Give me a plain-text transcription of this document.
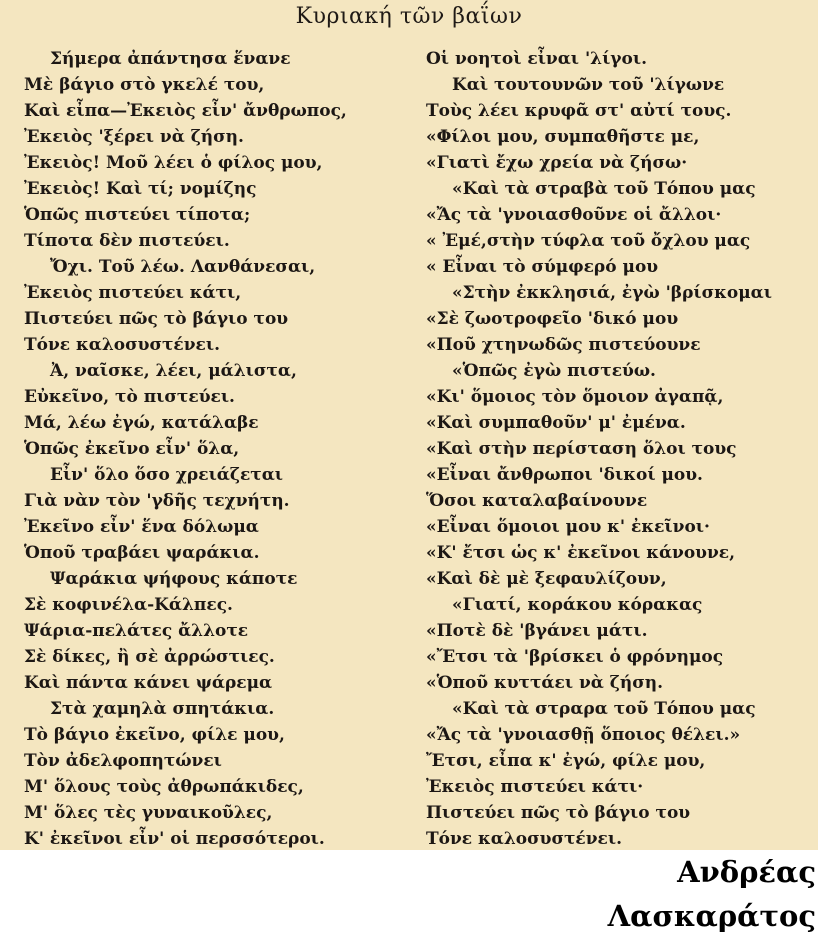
Κυριακή τῶν βαΐων
Σήμερα ἀπάντησα ἕνανε
Μὲ βάγιο στὸ γκελέ του,
Καὶ εἶπα—Ἐκειὸς εἶν' ἄνθρωπος,
Ἐκειὸς 'ξέρει νὰ ζήση.
Ἐκειὸς! Μοῦ λέει ὁ φίλος μου,
Ἐκειὸς! Καὶ τί; νομίζης
Ὁπῶς πιστεύει τίποτα;
Τίποτα δὲν πιστεύει.
Ὄχι. Τοῦ λέω. Λανθάνεσαι,
Ἐκειὸς πιστεύει κάτι,
Πιστεύει πῶς τὸ βάγιο του
Τόνε καλοσυστένει.
Ἀ, ναῖσκε, λέει, μάλιστα,
Εὐκεῖνο, τὸ πιστεύει.
Μά, λέω ἐγώ, κατάλαβε
Ὁπῶς ἐκεῖνο εἶν' ὅλα,
Εἶν' ὅλο ὅσο χρειάζεται
Γιὰ νὰν τὸν 'γδῆς τεχνήτη.
Ἐκεῖνο εἶν' ἕνα δόλωμα
Ὁποῦ τραβάει ψαράκια.
Ψαράκια ψήφους κάποτε
Σὲ κοφινέλα-Κάλπες.
Ψάρια-πελάτες ἄλλοτε
Σὲ δίκες, ἢ σὲ ἀρρώστιες.
Καὶ πάντα κάνει ψάρεμα
Στὰ χαμηλὰ σπητάκια.
Τὸ βάγιο ἐκεῖνο, φίλε μου,
Τὸν ἀδελφοπητώνει
Μ' ὅλους τοὺς ἀθρωπάκιδες,
Μ' ὅλες τὲς γυναικοῦλες,
Κ' ἐκεῖνοι εἶν' οἱ περσσότεροι.
Οἱ νοητοὶ εἶναι 'λίγοι.
Καὶ τουτουνῶν τοῦ 'λίγωνε
Τοὺς λέει κρυφᾶ στ' αὐτί τους.
«Φίλοι μου, συμπαθῆστε με,
«Γιατὶ ἔχω χρεία νὰ ζήσω·
«Καὶ τὰ στραβὰ τοῦ Τόπου μας
«Ἄς τὰ 'γνοιασθοῦνε οἱ ἄλλοι·
« Ἐμέ,στὴν τύφλα τοῦ ὄχλου μας
« Εἶναι τὸ σύμφερό μου
«Στὴν ἐκκλησιά, ἐγὼ 'βρίσκομαι
«Σὲ ζωοτροφεῖο 'δικό μου
«Ποῦ χτηνωδῶς πιστεύουνε
«Ὁπῶς ἐγὼ πιστεύω.
«Κι' ὅμοιος τὸν ὅμοιον ἀγαπᾷ,
«Καὶ συμπαθοῦν' μ' ἐμένα.
«Καὶ στὴν περίσταση ὅλοι τους
«Εἶναι ἄνθρωποι 'δικοί μου.
Ὅσοι καταλαβαίνουνε
«Εἶναι ὅμοιοι μου κ' ἐκεῖνοι·
«Κ' ἔτσι ὡς κ' ἐκεῖνοι κάνουνε,
«Καὶ δὲ μὲ ξεφαυλίζουν,
«Γιατί, κοράκου κόρακας
«Ποτὲ δὲ 'βγάνει μάτι.
«Ἔτσι τὰ 'βρίσκει ὁ φρόνημος
«Ὁποῦ κυττάει νὰ ζήση.
«Καὶ τὰ στραρα τοῦ Τόπου μας
«Ἄς τὰ 'γνοιασθῇ ὅποιος θέλει.»
Ἔτσι, εἶπα κ' ἐγώ, φίλε μου,
Ἐκειὸς πιστεύει κάτι·
Πιστεύει πῶς τὸ βάγιο του
Τόνε καλοσυστένει.
Ανδρέας Λασκαράτος
